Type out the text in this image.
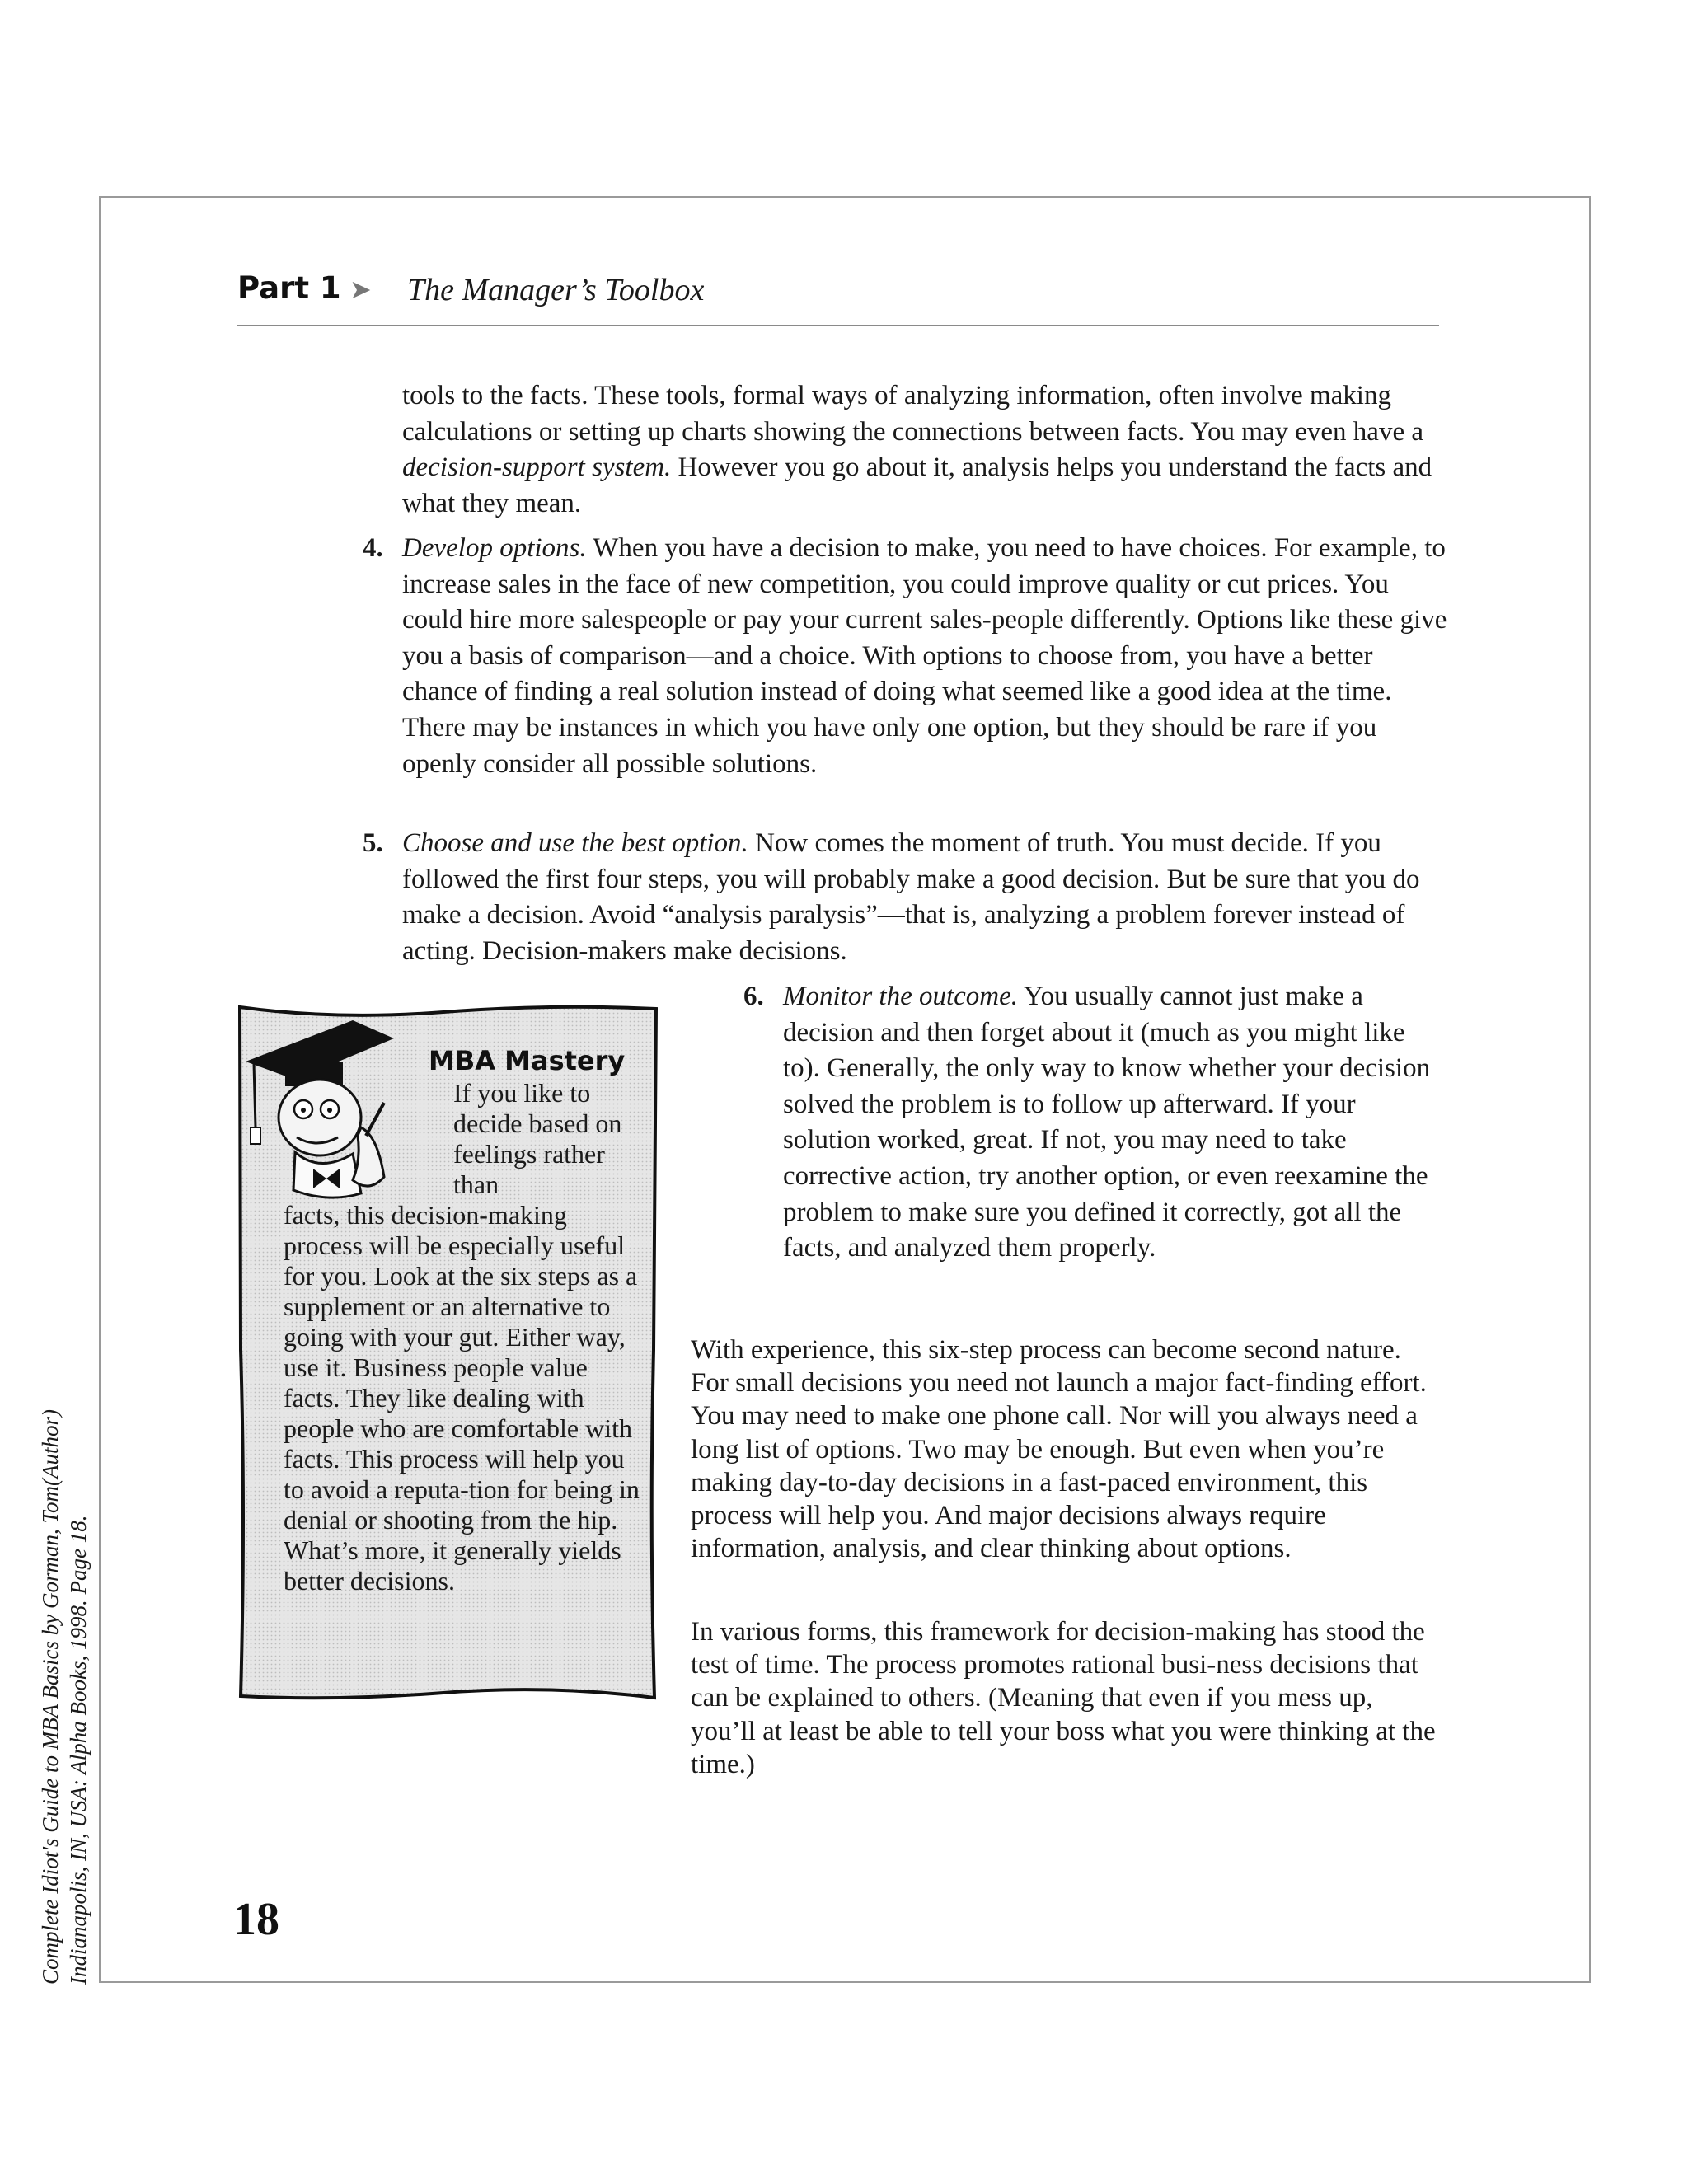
Part 1 ➤ The Manager’s Toolbox

tools to the facts. These tools, formal ways of analyzing information, often involve making calculations or setting up charts showing the connections between facts. You may even have a decision-support system. However you go about it, analysis helps you understand the facts and what they mean.

4. Develop options. When you have a decision to make, you need to have choices. For example, to increase sales in the face of new competition, you could improve quality or cut prices. You could hire more salespeople or pay your current sales-people differently. Options like these give you a basis of comparison—and a choice. With options to choose from, you have a better chance of finding a real solution instead of doing what seemed like a good idea at the time. There may be instances in which you have only one option, but they should be rare if you openly consider all possible solutions.

5. Choose and use the best option. Now comes the moment of truth. You must decide. If you followed the first four steps, you will probably make a good decision. But be sure that you do make a decision. Avoid “analysis paralysis”—that is, analyzing a problem forever instead of acting. Decision-makers make decisions.

6. Monitor the outcome. You usually cannot just make a decision and then forget about it (much as you might like to). Generally, the only way to know whether your decision solved the problem is to follow up afterward. If your solution worked, great. If not, you may need to take corrective action, try another option, or even reexamine the problem to make sure you defined it correctly, got all the facts, and analyzed them properly.

MBA Mastery
If you like to decide based on feelings rather than
facts, this decision-making process will be especially useful for you. Look at the six steps as a supplement or an alternative to going with your gut. Either way, use it. Business people value facts. They like dealing with people who are comfortable with facts. This process will help you to avoid a reputa-tion for being in denial or shooting from the hip. What’s more, it generally yields better decisions.

With experience, this six-step process can become second nature. For small decisions you need not launch a major fact-finding effort. You may need to make one phone call. Nor will you always need a long list of options. Two may be enough. But even when you’re making day-to-day decisions in a fast-paced environment, this process will help you. And major decisions always require information, analysis, and clear thinking about options.

In various forms, this framework for decision-making has stood the test of time. The process promotes rational busi-ness decisions that can be explained to others. (Meaning that even if you mess up, you’ll at least be able to tell your boss what you were thinking at the time.)

18
Complete Idiot's Guide to MBA Basics by Gorman, Tom(Author) Indianapolis, IN, USA: Alpha Books, 1998. Page 18.
